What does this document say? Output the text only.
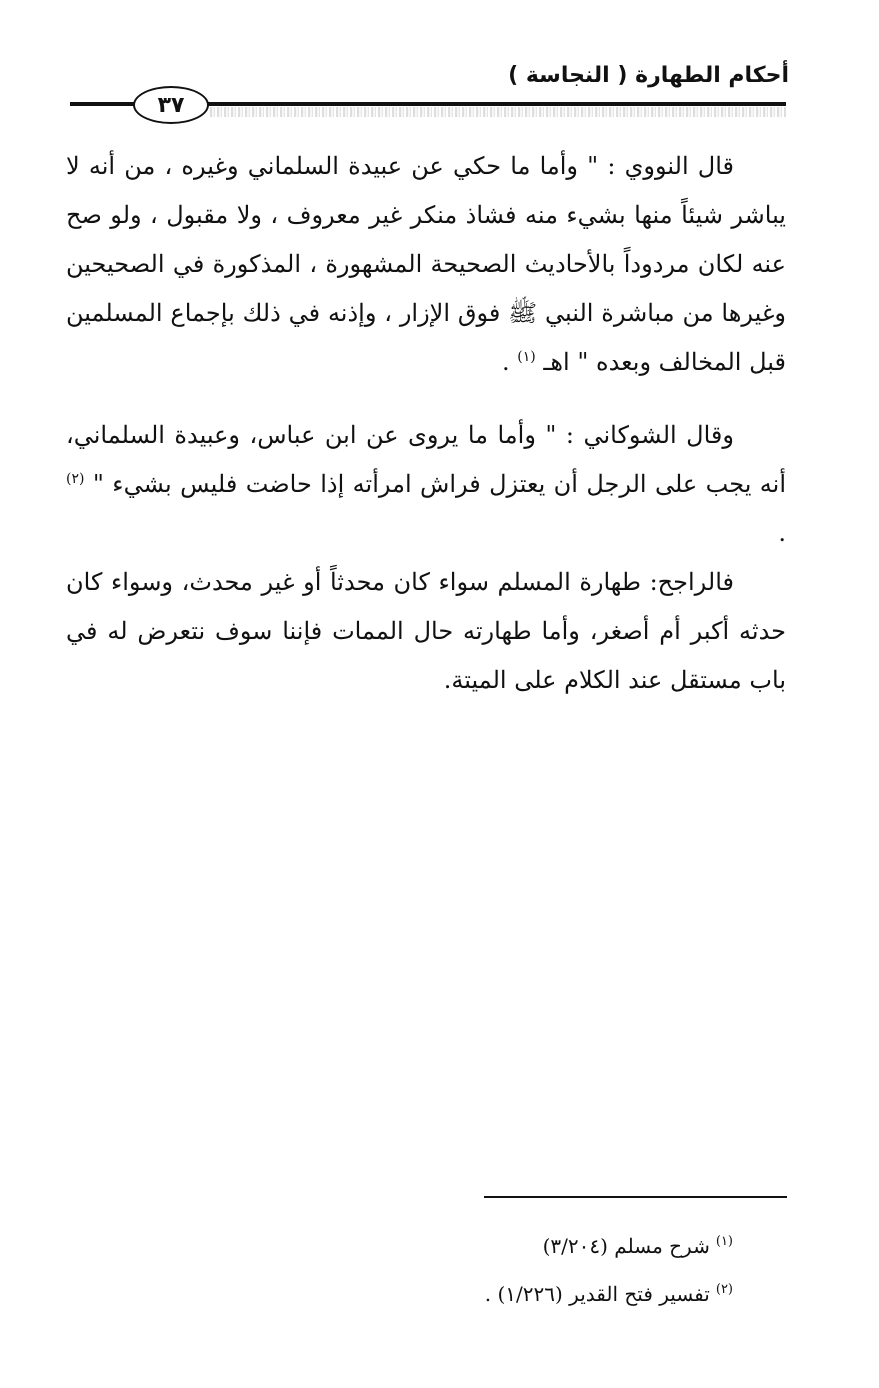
أحكام الطهارة ( النجاسة )
٣٧

قال النووي : " وأما ما حكي عن عبيدة السلماني وغيره ، من أنه لا يباشر شيئاً منها بشيء منه فشاذ منكر غير معروف ، ولا مقبول ، ولو صح عنه لكان مردوداً بالأحاديث الصحيحة المشهورة ، المذكورة في الصحيحين وغيرها من مباشرة النبي ﷺ فوق الإزار ، وإذنه في ذلك بإجماع المسلمين قبل المخالف وبعده " اهـ $^{(١)}$ .

وقال الشوكاني : " وأما ما يروى عن ابن عباس، وعبيدة السلماني، أنه يجب على الرجل أن يعتزل فراش امرأته إذا حاضت فليس بشيء " $^{(٢)}$ .

فالراجح: طهارة المسلم سواء كان محدثاً أو غير محدث، وسواء كان حدثه أكبر أم أصغر، وأما طهارته حال الممات فإننا سوف نتعرض له في باب مستقل عند الكلام على الميتة.

$^{(١)}$شرح مسلم (٣/٢٠٤)
$^{(٢)}$تفسير فتح القدير (١/٢٢٦) .
